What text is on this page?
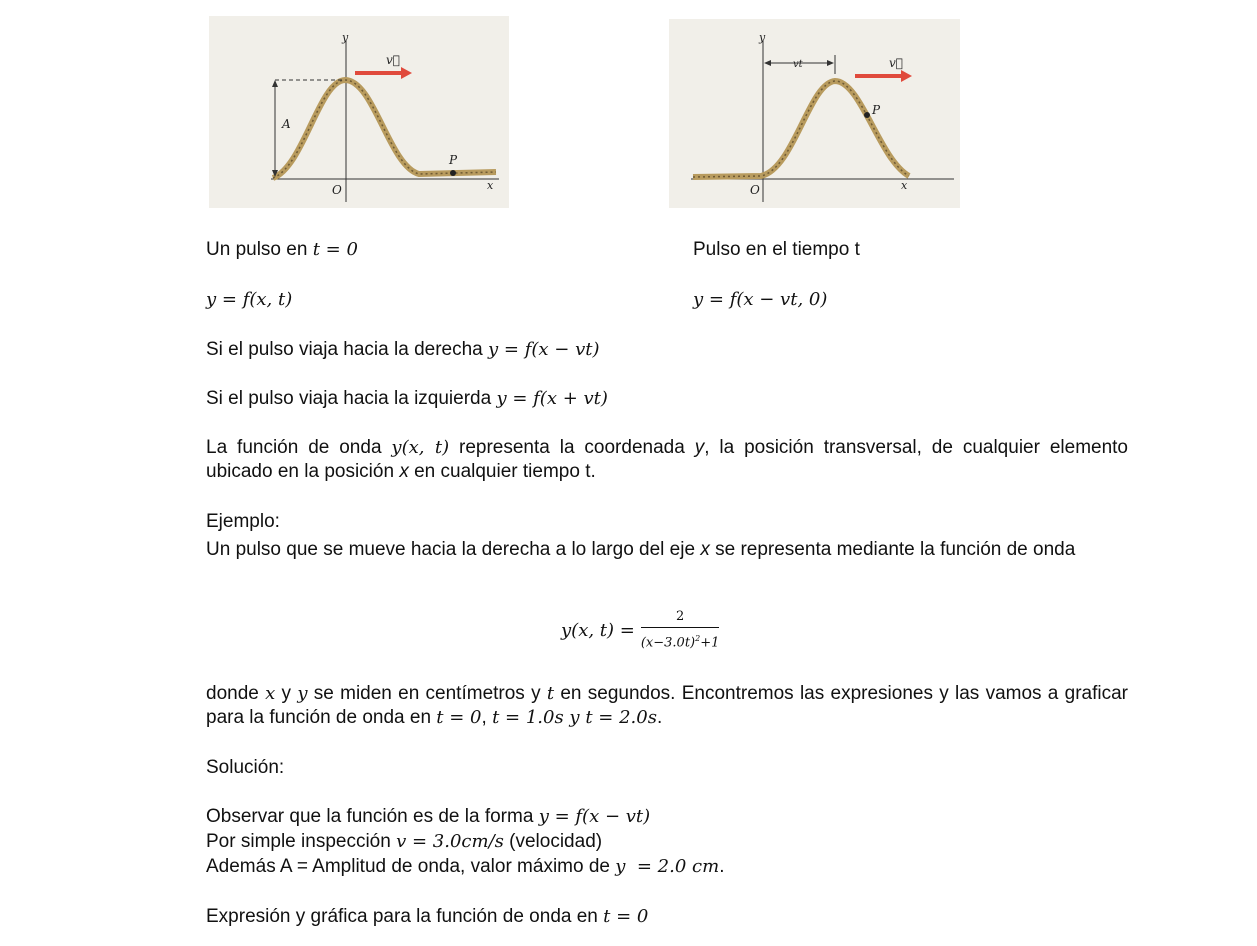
y
x
O
v⃗
A
P
y
x
O
vt	v⃗
P
Un pulso en t = 0	Pulso en el tiempo t
y = f(x, t)	y = f(x − vt, 0)
Si el pulso viaja hacia la derecha y = f(x − vt)
Si el pulso viaja hacia la izquierda y = f(x + vt)
La función de onda y(x, t) representa la coordenada y, la posición transversal, de cualquier elemento ubicado en la posición x en cualquier tiempo t.
Ejemplo:
Un pulso que se mueve hacia la derecha a lo largo del eje x se representa mediante la función de onda
y(x, $t) = \frac{2}{(x-3.0t)^2+1}$
donde x y y se miden en centímetros y t en segundos. Encontremos las expresiones y las vamos a graficar para la función de onda en t = 0, t = 1.0s y t = 2.0s.
Solución:
Observar que la función es de la forma y = f(x − vt)
Por simple inspección v = 3.0cm/s (velocidad)
Además A = Amplitud de onda, valor máximo de y  = 2.0 cm.
Expresión y gráfica para la función de onda en t = 0
